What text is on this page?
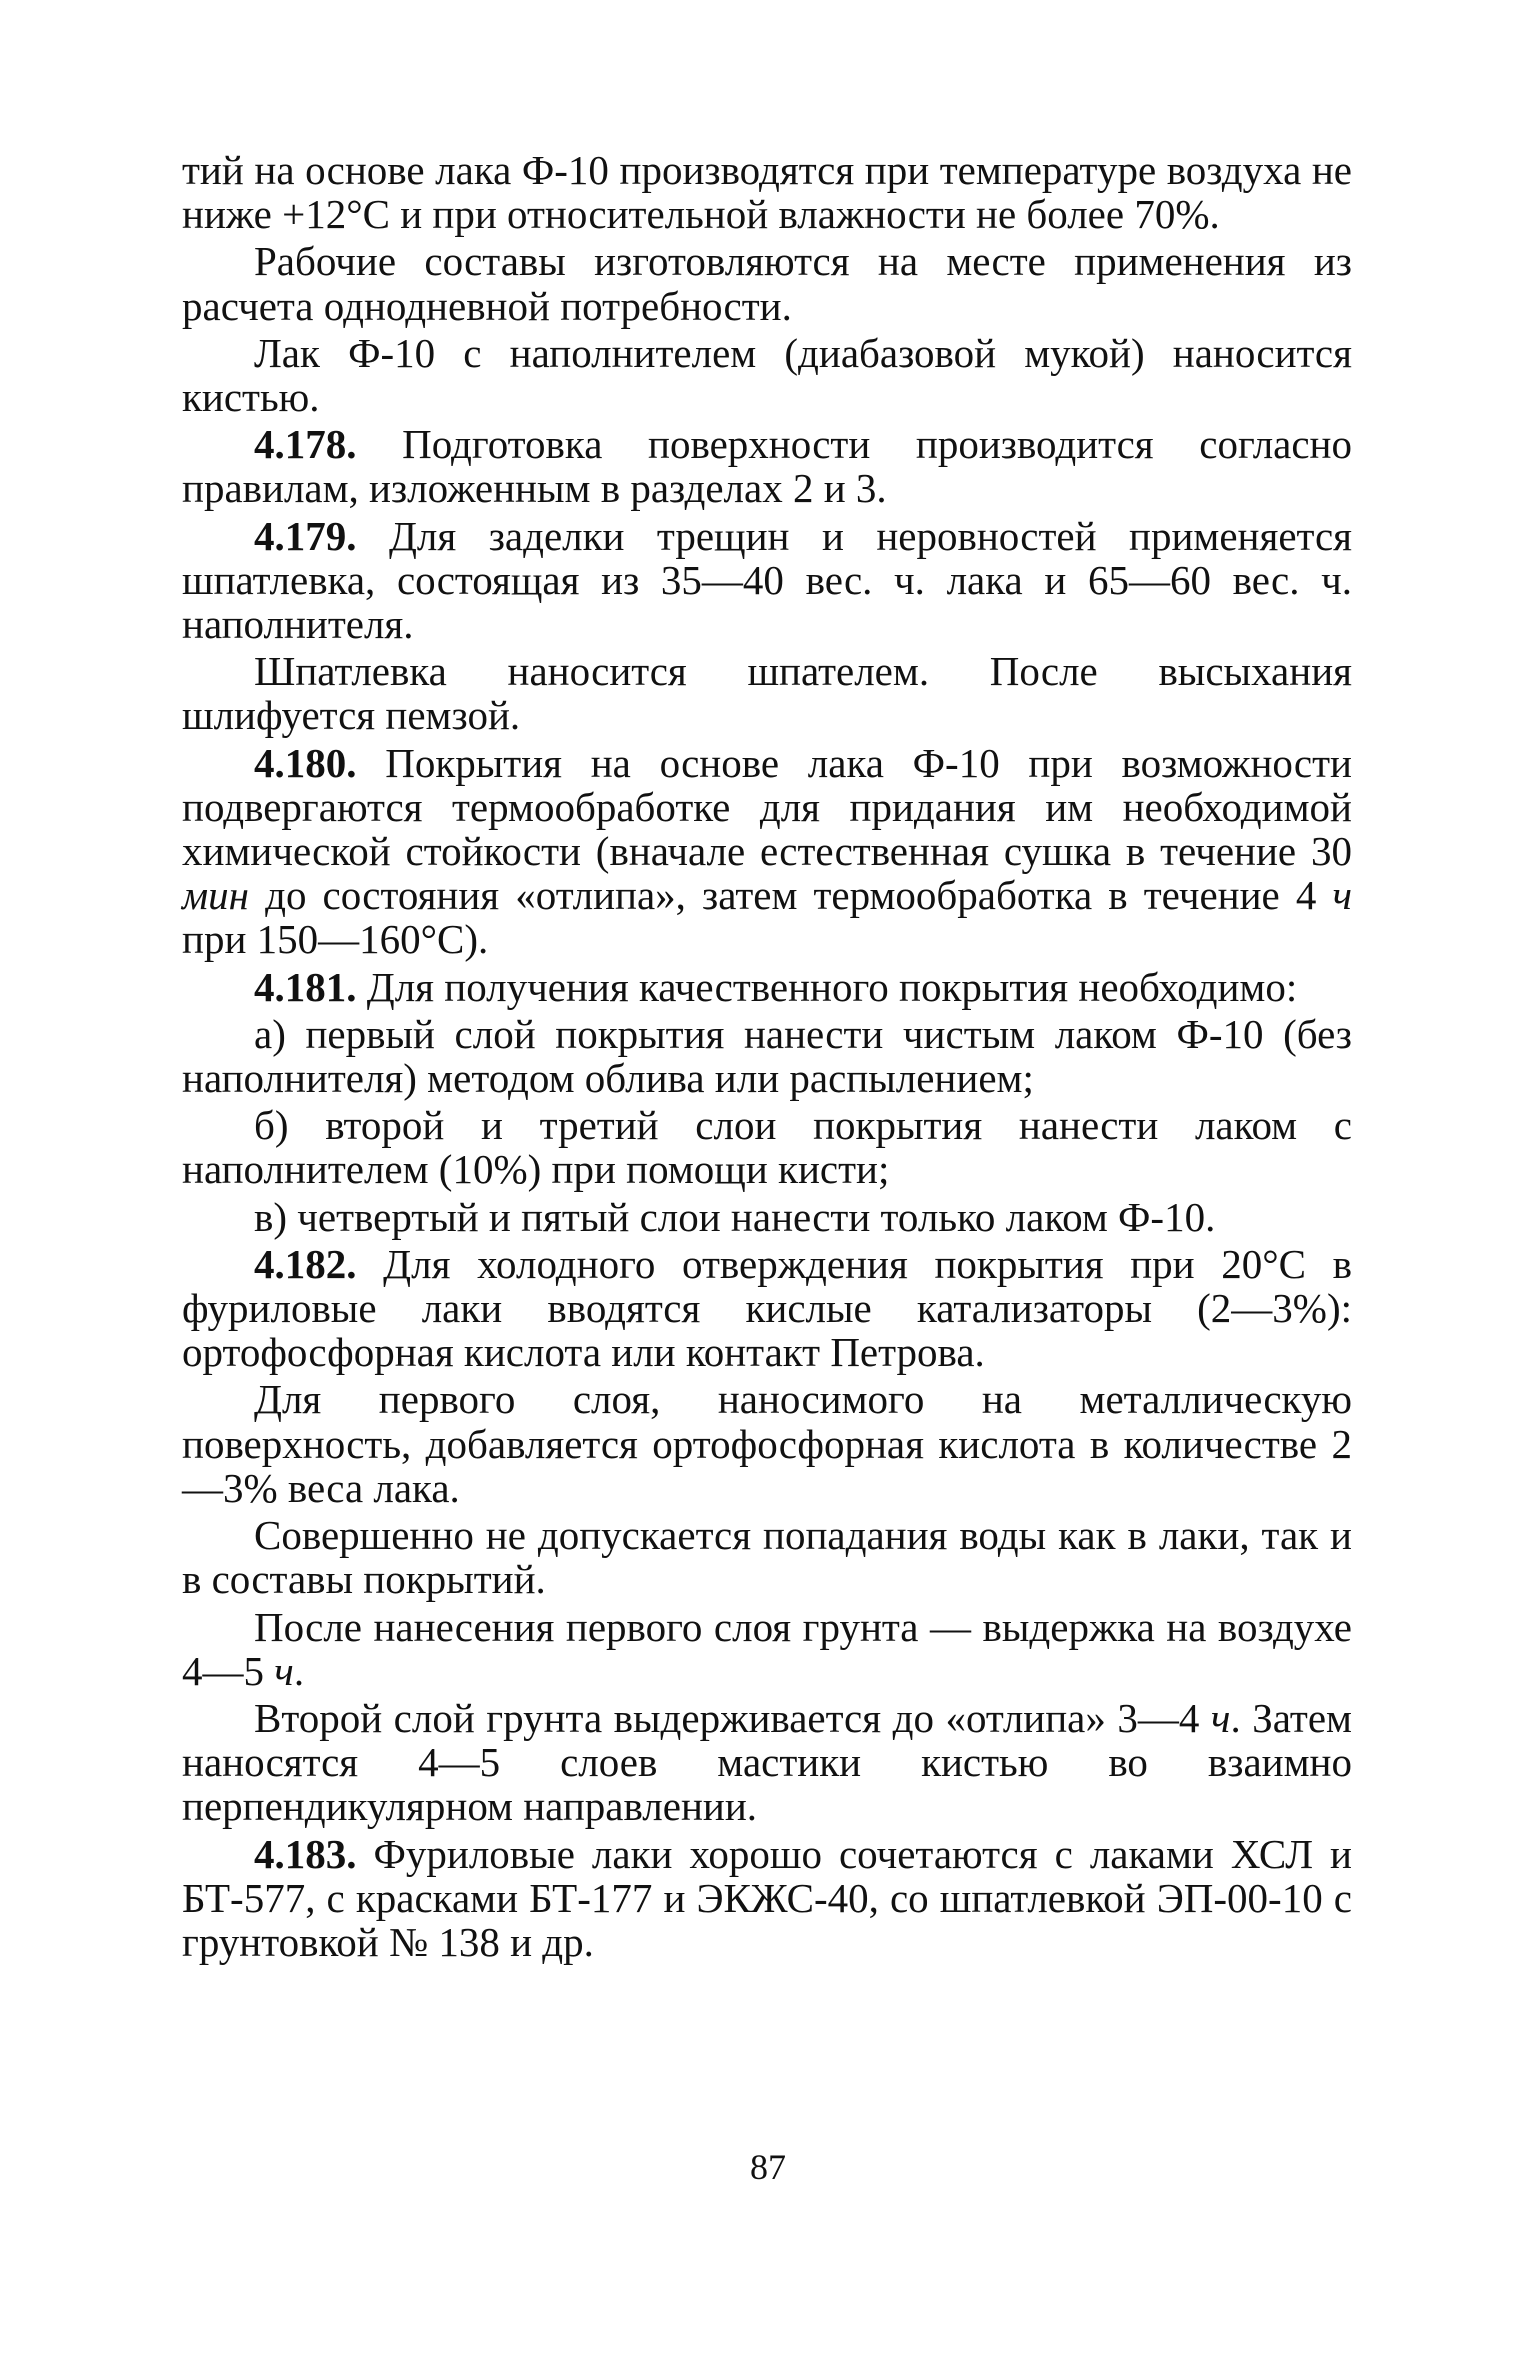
тий на основе лака Ф-10 производятся при температуре воздуха не ниже +12°С и при относительной влажности не более 70%.

Рабочие составы изготовляются на месте применения из расчета однодневной потребности.

Лак Ф-10 с наполнителем (диабазовой мукой) наносится кистью.

4.178. Подготовка поверхности производится согласно правилам, изложенным в разделах 2 и 3.

4.179. Для заделки трещин и неровностей применяется шпатлевка, состоящая из 35—40 вес. ч. лака и 65—60 вес. ч. наполнителя.

Шпатлевка наносится шпателем. После высыхания шлифуется пемзой.

4.180. Покрытия на основе лака Ф-10 при возможности подвергаются термообработке для придания им необходимой химической стойкости (вначале естественная сушка в течение 30 мин до состояния «отлипа», затем термообработка в течение 4 ч при 150—160°С).

4.181. Для получения качественного покрытия необходимо:

а) первый слой покрытия нанести чистым лаком Ф-10 (без наполнителя) методом облива или распылением;

б) второй и третий слои покрытия нанести лаком с наполнителем (10%) при помощи кисти;

в) четвертый и пятый слои нанести только лаком Ф-10.

4.182. Для холодного отверждения покрытия при 20°С в фуриловые лаки вводятся кислые катализаторы (2—3%): ортофосфорная кислота или контакт Петрова.

Для первого слоя, наносимого на металлическую поверхность, добавляется ортофосфорная кислота в количестве 2—3% веса лака.

Совершенно не допускается попадания воды как в лаки, так и в составы покрытий.

После нанесения первого слоя грунта — выдержка на воздухе 4—5 ч.

Второй слой грунта выдерживается до «отлипа» 3—4 ч. Затем наносятся 4—5 слоев мастики кистью во взаимно перпендикулярном направлении.

4.183. Фуриловые лаки хорошо сочетаются с лаками ХСЛ и БТ-577, с красками БТ-177 и ЭКЖС-40, со шпатлевкой ЭП-00-10 с грунтовкой № 138 и др.

87
